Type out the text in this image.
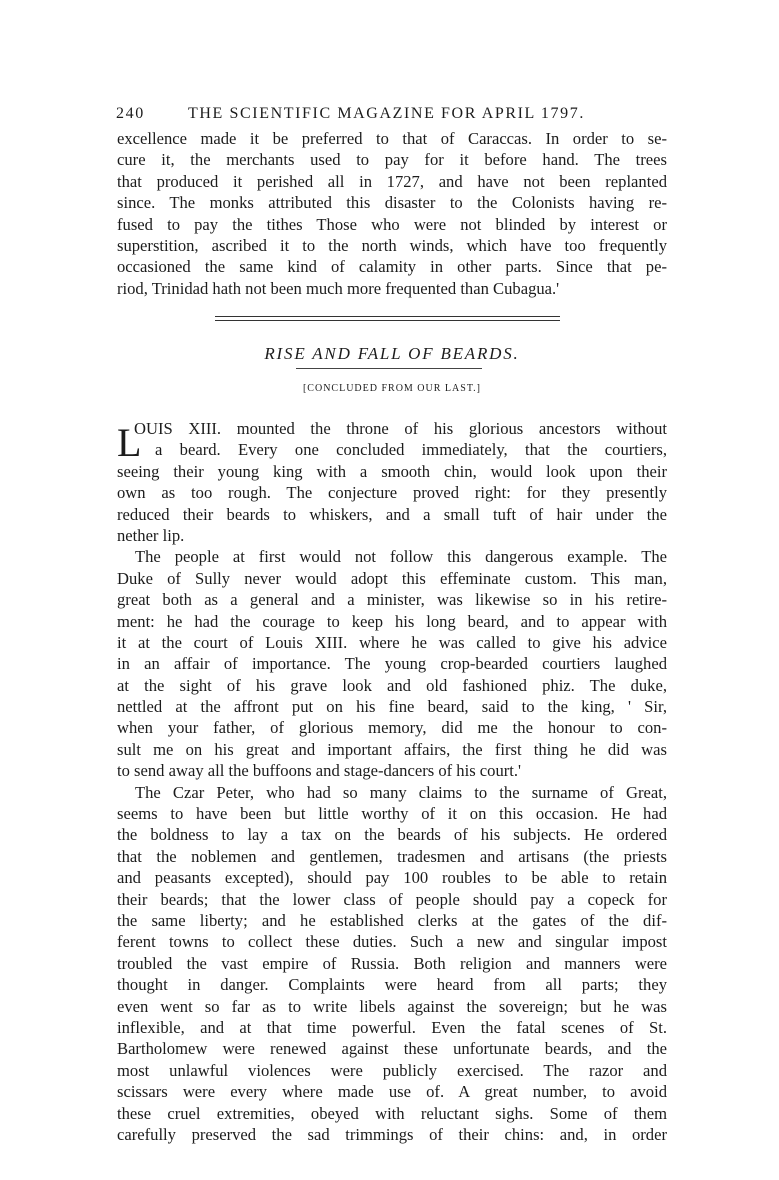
240	THE SCIENTIFIC MAGAZINE FOR APRIL 1797.
excellence made it be preferred to that of Caraccas. In order to se-
cure it, the merchants used to pay for it before hand. The trees
that produced it perished all in 1727, and have not been replanted
since. The monks attributed this disaster to the Colonists having re-
fused to pay the tithes Those who were not blinded by interest or
superstition, ascribed it to the north winds, which have too frequently
occasioned the same kind of calamity in other parts. Since that pe-
riod, Trinidad hath not been much more frequented than Cubagua.'
RISE AND FALL OF BEARDS.
[CONCLUDED FROM OUR LAST.]
L
OUIS XIII. mounted the throne of his glorious ancestors without
a beard. Every one concluded immediately, that the courtiers,
seeing their young king with a smooth chin, would look upon their
own as too rough. The conjecture proved right: for they presently
reduced their beards to whiskers, and a small tuft of hair under the
nether lip.
The people at first would not follow this dangerous example. The
Duke of Sully never would adopt this effeminate custom. This man,
great both as a general and a minister, was likewise so in his retire-
ment: he had the courage to keep his long beard, and to appear with
it at the court of Louis XIII. where he was called to give his advice
in an affair of importance. The young crop-bearded courtiers laughed
at the sight of his grave look and old fashioned phiz. The duke,
nettled at the affront put on his fine beard, said to the king, ' Sir,
when your father, of glorious memory, did me the honour to con-
sult me on his great and important affairs, the first thing he did was
to send away all the buffoons and stage-dancers of his court.'
The Czar Peter, who had so many claims to the surname of Great,
seems to have been but little worthy of it on this occasion. He had
the boldness to lay a tax on the beards of his subjects. He ordered
that the noblemen and gentlemen, tradesmen and artisans (the priests
and peasants excepted), should pay 100 roubles to be able to retain
their beards; that the lower class of people should pay a copeck for
the same liberty; and he established clerks at the gates of the dif-
ferent towns to collect these duties. Such a new and singular impost
troubled the vast empire of Russia. Both religion and manners were
thought in danger. Complaints were heard from all parts; they
even went so far as to write libels against the sovereign; but he was
inflexible, and at that time powerful. Even the fatal scenes of St.
Bartholomew were renewed against these unfortunate beards, and the
most unlawful violences were publicly exercised. The razor and
scissars were every where made use of. A great number, to avoid
these cruel extremities, obeyed with reluctant sighs. Some of them
carefully preserved the sad trimmings of their chins: and, in order
